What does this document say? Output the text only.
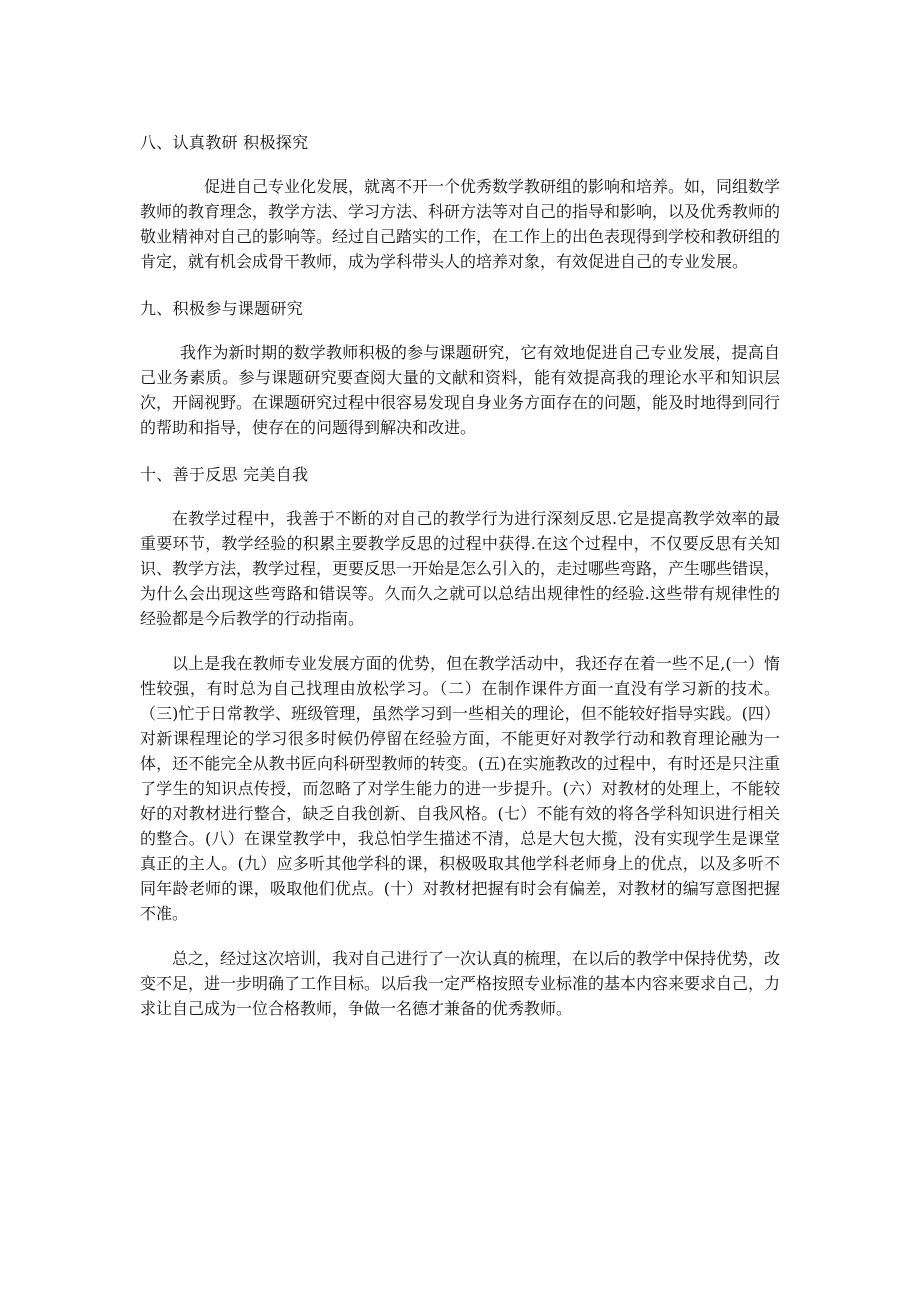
八、认真教研 积极探究

促进自己专业化发展，就离不开一个优秀数学教研组的影响和培养。如，同组数学教师的教育理念，教学方法、学习方法、科研方法等对自己的指导和影响，以及优秀教师的敬业精神对自己的影响等。经过自己踏实的工作，在工作上的出色表现得到学校和教研组的肯定，就有机会成骨干教师，成为学科带头人的培养对象，有效促进自己的专业发展。

九、积极参与课题研究

我作为新时期的数学教师积极的参与课题研究，它有效地促进自己专业发展，提高自己业务素质。参与课题研究要查阅大量的文献和资料，能有效提高我的理论水平和知识层次，开阔视野。在课题研究过程中很容易发现自身业务方面存在的问题，能及时地得到同行的帮助和指导，使存在的问题得到解决和改进。

十、善于反思 完美自我

在教学过程中，我善于不断的对自己的教学行为进行深刻反思.它是提高教学效率的最重要环节，教学经验的积累主要教学反思的过程中获得.在这个过程中，不仅要反思有关知识、教学方法，教学过程，更要反思一开始是怎么引入的，走过哪些弯路，产生哪些错误，为什么会出现这些弯路和错误等。久而久之就可以总结出规律性的经验.这些带有规律性的经验都是今后教学的行动指南。

以上是我在教师专业发展方面的优势，但在教学活动中，我还存在着一些不足,(一）惰性较强，有时总为自己找理由放松学习。（二）在制作课件方面一直没有学习新的技术。（三)忙于日常教学、班级管理，虽然学习到一些相关的理论，但不能较好指导实践。(四）对新课程理论的学习很多时候仍停留在经验方面，不能更好对教学行动和教育理论融为一体，还不能完全从教书匠向科研型教师的转变。(五)在实施教改的过程中，有时还是只注重了学生的知识点传授，而忽略了对学生能力的进一步提升。(六）对教材的处理上，不能较好的对教材进行整合，缺乏自我创新、自我风格。(七）不能有效的将各学科知识进行相关的整合。(八）在课堂教学中，我总怕学生描述不清，总是大包大揽，没有实现学生是课堂真正的主人。(九）应多听其他学科的课，积极吸取其他学科老师身上的优点，以及多听不同年龄老师的课，吸取他们优点。(十）对教材把握有时会有偏差，对教材的编写意图把握不准。

总之，经过这次培训，我对自己进行了一次认真的梳理，在以后的教学中保持优势，改变不足，进一步明确了工作目标。以后我一定严格按照专业标准的基本内容来要求自己，力求让自己成为一位合格教师，争做一名德才兼备的优秀教师。
